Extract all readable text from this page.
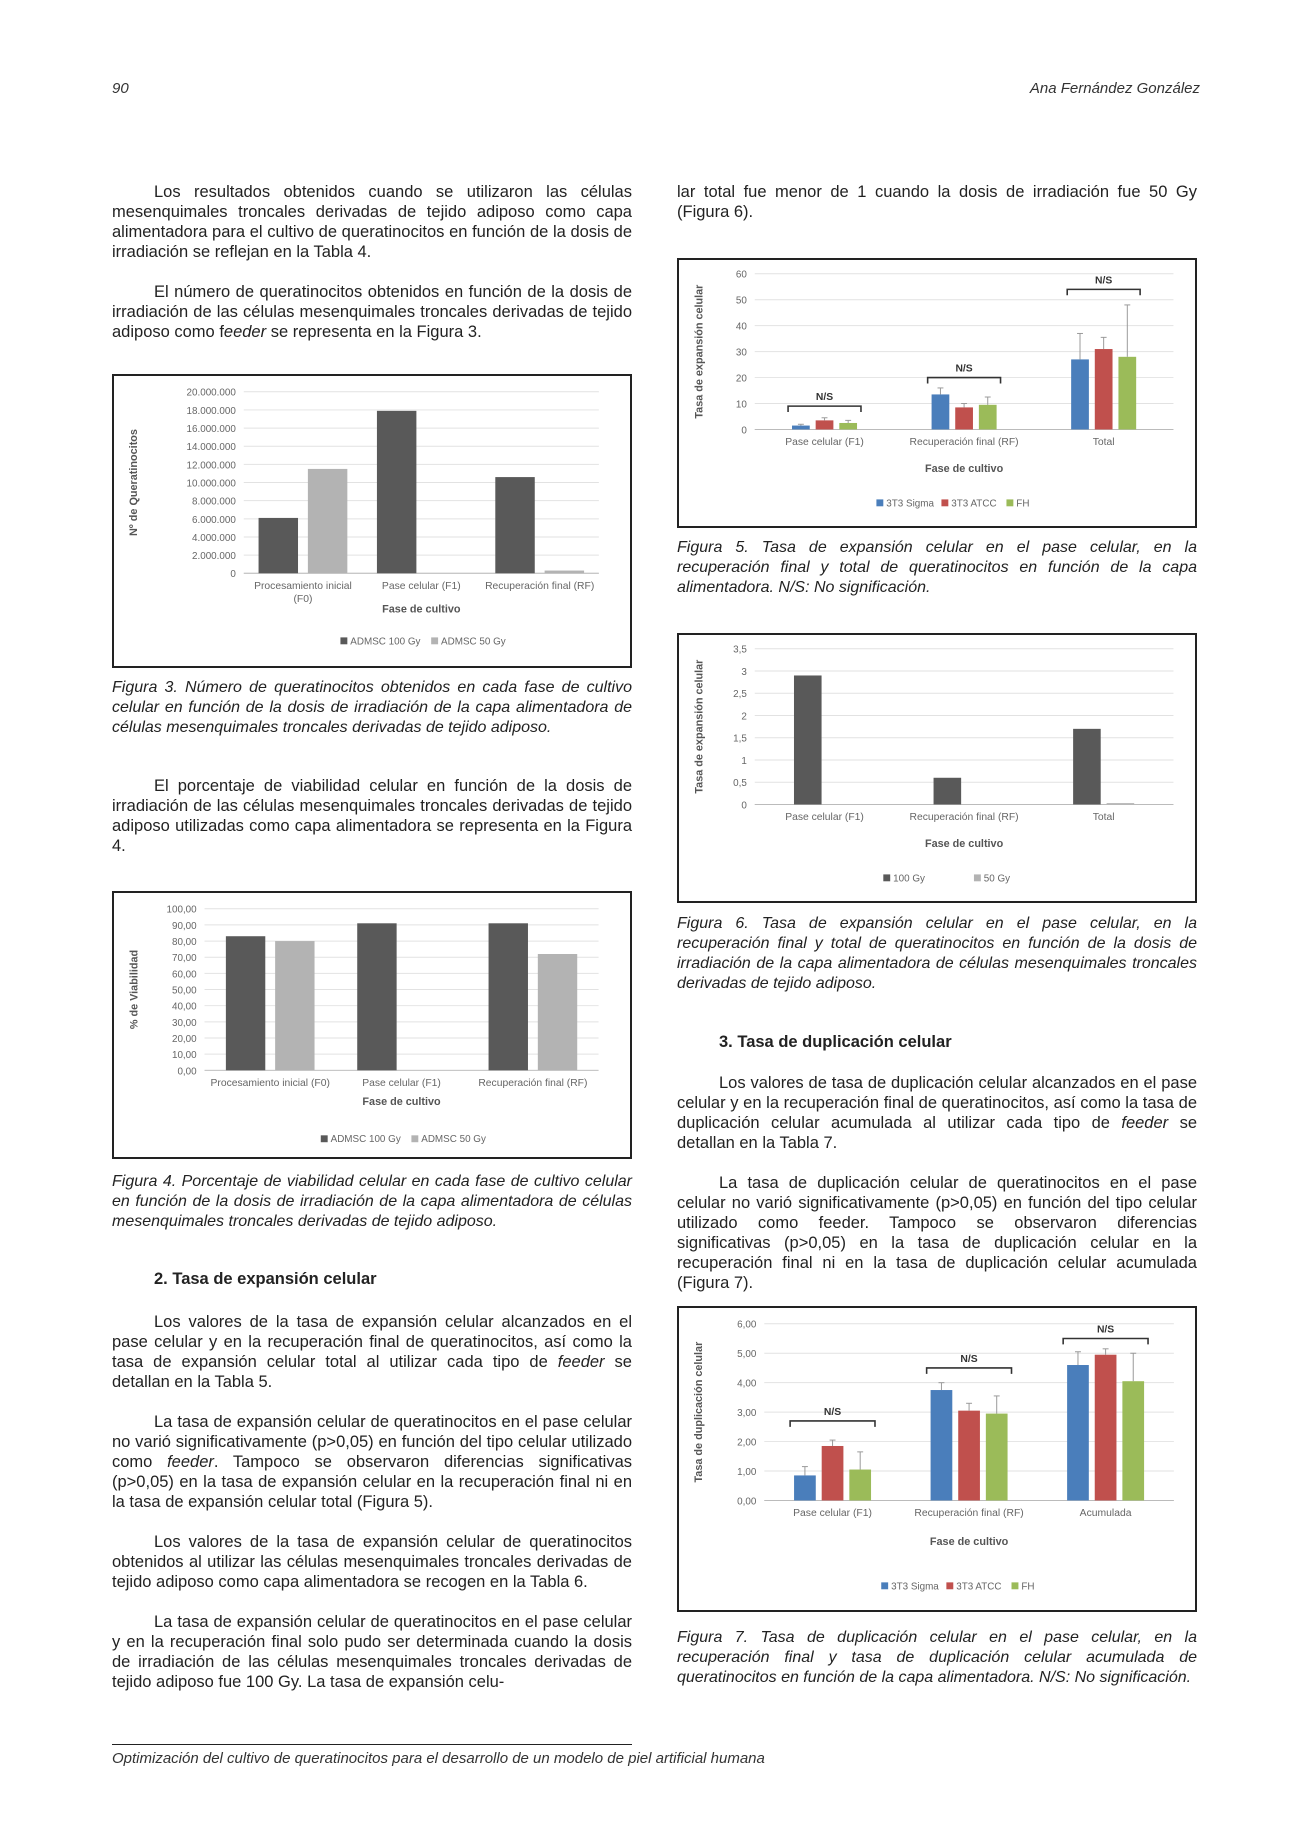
90	Ana Fernández González

Los resultados obtenidos cuando se utilizaron las células mesenquimales troncales derivadas de tejido adiposo como capa alimentadora para el cultivo de queratinocitos en función de la dosis de irradiación se reflejan en la Tabla 4.

El número de queratinocitos obtenidos en función de la dosis de irradiación de las células mesenquimales troncales derivadas de tejido adiposo como feeder se representa en la Figura 3.

0
2.000.000
4.000.000
6.000.000
8.000.000
10.000.000
12.000.000
14.000.000
16.000.000
18.000.000
20.000.000
Nº de Queratinocitos
Procesamiento inicial
(F0)
Pase celular (F1) Recuperación final (RF)
Fase de cultivo
ADMSC 100 Gy ADMSC 50 Gy

Figura 3. Número de queratinocitos obtenidos en cada fase de cultivo celular en función de la dosis de irradiación de la capa alimentadora de células mesenquimales troncales derivadas de tejido adiposo.

El porcentaje de viabilidad celular en función de la dosis de irradiación de las células mesenquimales troncales derivadas de tejido adiposo utilizadas como capa alimentadora se representa en la Figura 4.

0,00
10,00
20,00
30,00
40,00
50,00
60,00
70,00
80,00
90,00
100,00
% de Viabilidad
Procesamiento inicial (F0)	Pase celular (F1)	Recuperación final (RF)
Fase de cultivo
ADMSC 100 Gy ADMSC 50 Gy

Figura 4. Porcentaje de viabilidad celular en cada fase de cultivo celular en función de la dosis de irradiación de la capa alimentadora de células mesenquimales troncales derivadas de tejido adiposo.

2. Tasa de expansión celular

Los valores de la tasa de expansión celular alcanzados en el pase celular y en la recuperación final de queratinocitos, así como la tasa de expansión celular total al utilizar cada tipo de feeder se detallan en la Tabla 5.

La tasa de expansión celular de queratinocitos en el pase celular no varió significativamente (p>0,05) en función del tipo celular utilizado como feeder. Tampoco se observaron diferencias significativas (p>0,05) en la tasa de expansión celular en la recuperación final ni en la tasa de expansión celular total (Figura 5).

Los valores de la tasa de expansión celular de queratinocitos obtenidos al utilizar las células mesenquimales troncales derivadas de tejido adiposo como capa alimentadora se recogen en la Tabla 6.

La tasa de expansión celular de queratinocitos en el pase celular y en la recuperación final solo pudo ser determinada cuando la dosis de irradiación de las células mesenquimales troncales derivadas de tejido adiposo fue 100 Gy. La tasa de expansión celu-

lar total fue menor de 1 cuando la dosis de irradiación fue 50 Gy (Figura 6).

0
10
20
30
40
50
60
Tasa de expansión celular
Pase celular (F1)
N/S
Recuperación final (RF)
N/S
Total
N/S
Fase de cultivo
3T3 Sigma 3T3 ATCC FH

Figura 5. Tasa de expansión celular en el pase celular, en la recuperación final y total de queratinocitos en función de la capa alimentadora. N/S: No significación.

0
0,5
1
1,5
2
2,5
3
3,5
Tasa de expansión celular
Pase celular (F1)	Recuperación final (RF)	Total
Fase de cultivo
100 Gy	50 Gy

Figura 6. Tasa de expansión celular en el pase celular, en la recuperación final y total de queratinocitos en función de la dosis de irradiación de la capa alimentadora de células mesenquimales troncales derivadas de tejido adiposo.

3. Tasa de duplicación celular

Los valores de tasa de duplicación celular alcanzados en el pase celular y en la recuperación final de queratinocitos, así como la tasa de duplicación celular acumulada al utilizar cada tipo de feeder se detallan en la Tabla 7.

La tasa de duplicación celular de queratinocitos en el pase celular no varió significativamente (p>0,05) en función del tipo celular utilizado como feeder. Tampoco se observaron diferencias significativas (p>0,05) en la tasa de duplicación celular en la recuperación final ni en la tasa de duplicación celular acumulada (Figura 7).

0,00
1,00
2,00
3,00
4,00
5,00
6,00
Tasa de duplicación celular
Pase celular (F1)
N/S
Recuperación final (RF)
N/S
Acumulada
N/S
Fase de cultivo
3T3 Sigma 3T3 ATCC FH

Figura 7. Tasa de duplicación celular en el pase celular, en la recuperación final y tasa de duplicación celular acumulada de queratinocitos en función de la capa alimentadora. N/S: No significación.

Optimización del cultivo de queratinocitos para el desarrollo de un modelo de piel artificial humana
